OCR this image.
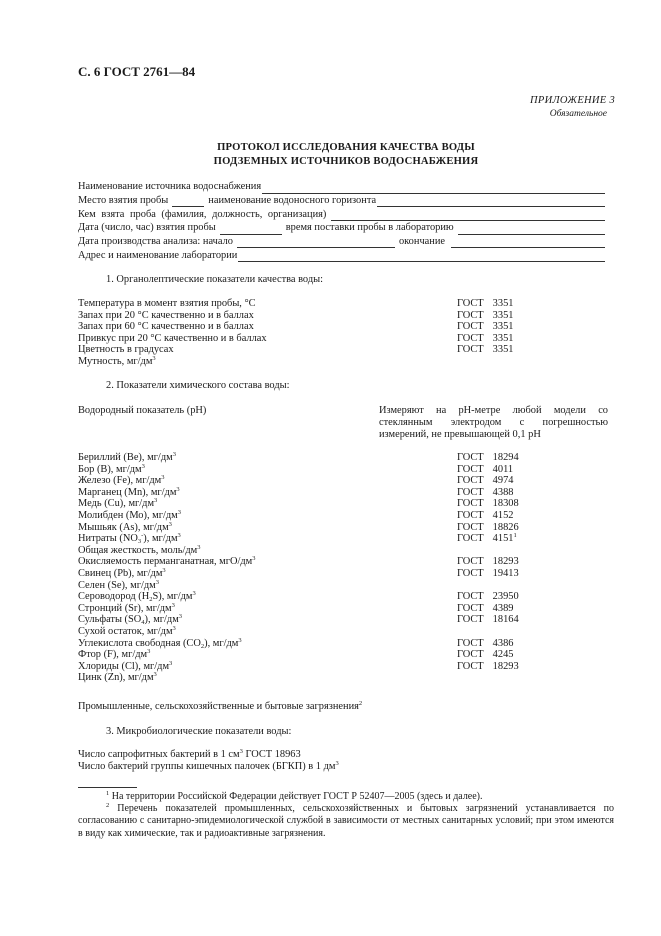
С. 6 ГОСТ 2761—84
ПРИЛОЖЕНИЕ 3
Обязательное
ПРОТОКОЛ ИССЛЕДОВАНИЯ КАЧЕСТВА ВОДЫ
ПОДЗЕМНЫХ ИСТОЧНИКОВ ВОДОСНАБЖЕНИЯ
Наименование источника водоснабжения
Место взятия пробы	наименование водоносного горизонта
Кем взята проба (фамилия, должность, организация)
Дата (число, час) взятия пробы	время поставки пробы в лабораторию
Дата производства анализа: начало	окончание
Адрес и наименование лаборатории
1. Органолептические показатели качества воды:
Температура в момент взятия пробы, °С	ГОСТ 3351
Запах при 20 °С качественно и в баллах	ГОСТ 3351
Запах при 60 °С качественно и в баллах	ГОСТ 3351
Привкус при 20 °С качественно и в баллах	ГОСТ 3351
Цветность в градусах	ГОСТ 3351
Мутность, $мг/дм^3$
2. Показатели химического состава воды:
Водородный показатель (рН)	Измеряют на рН-метре любой модели со стеклянным электродом с погрешностью измерений, не превышающей 0,1 рН
Бериллий (Ве), $мг/дм^3$	ГОСТ 18294
Бор (В), $мг/дм^3$	ГОСТ 4011
Железо (Fe), $мг/дм^3$	ГОСТ 4974
Марганец (Mn), $мг/дм^3$	ГОСТ 4388
Медь (Cu), $мг/дм^3$	ГОСТ 18308
Молибден (Мо), $мг/дм^3$	ГОСТ 4152
Мышьяк (As), $мг/дм^3$	ГОСТ 18826
Нитраты $(NO_3^-)$, $мг/дм^3$	ГОСТ 4151$^1$
Общая жесткость, моль/$дм^3$
Окисляемость перманганатная, мгО/$дм^3$	ГОСТ 18293
Свинец (Pb), $мг/дм^3$	ГОСТ 19413
Селен (Se), $мг/дм^3$
Сероводород $(H_2S)$, $мг/дм^3$	ГОСТ 23950
Стронций (Sr), $мг/дм^3$	ГОСТ 4389
Сульфаты $(SO_4)$, $мг/дм^3$	ГОСТ 18164
Сухой остаток, $мг/дм^3$
Углекислота свободная $(CO_2)$, $мг/дм^3$	ГОСТ 4386
Фтор (F), $мг/дм^3$	ГОСТ 4245
Хлориды (Cl), $мг/дм^3$	ГОСТ 18293
Цинк (Zn), $мг/дм^3$
Промышленные, сельскохозяйственные и бытовые загрязнения$^2$
3. Микробиологические показатели воды:
Число сапрофитных бактерий в 1 $см^3$ ГОСТ 18963
Число бактерий группы кишечных палочек (БГКП) в 1 $дм^3$

$^1$ На территории Российской Федерации действует ГОСТ Р 52407—2005 (здесь и далее).

$^2$ Перечень показателей промышленных, сельскохозяйственных и бытовых загрязнений устанавливается по согласованию с санитарно-эпидемиологической службой в зависимости от местных санитарных условий; при этом имеются в виду как химические, так и радиоактивные загрязнения.
